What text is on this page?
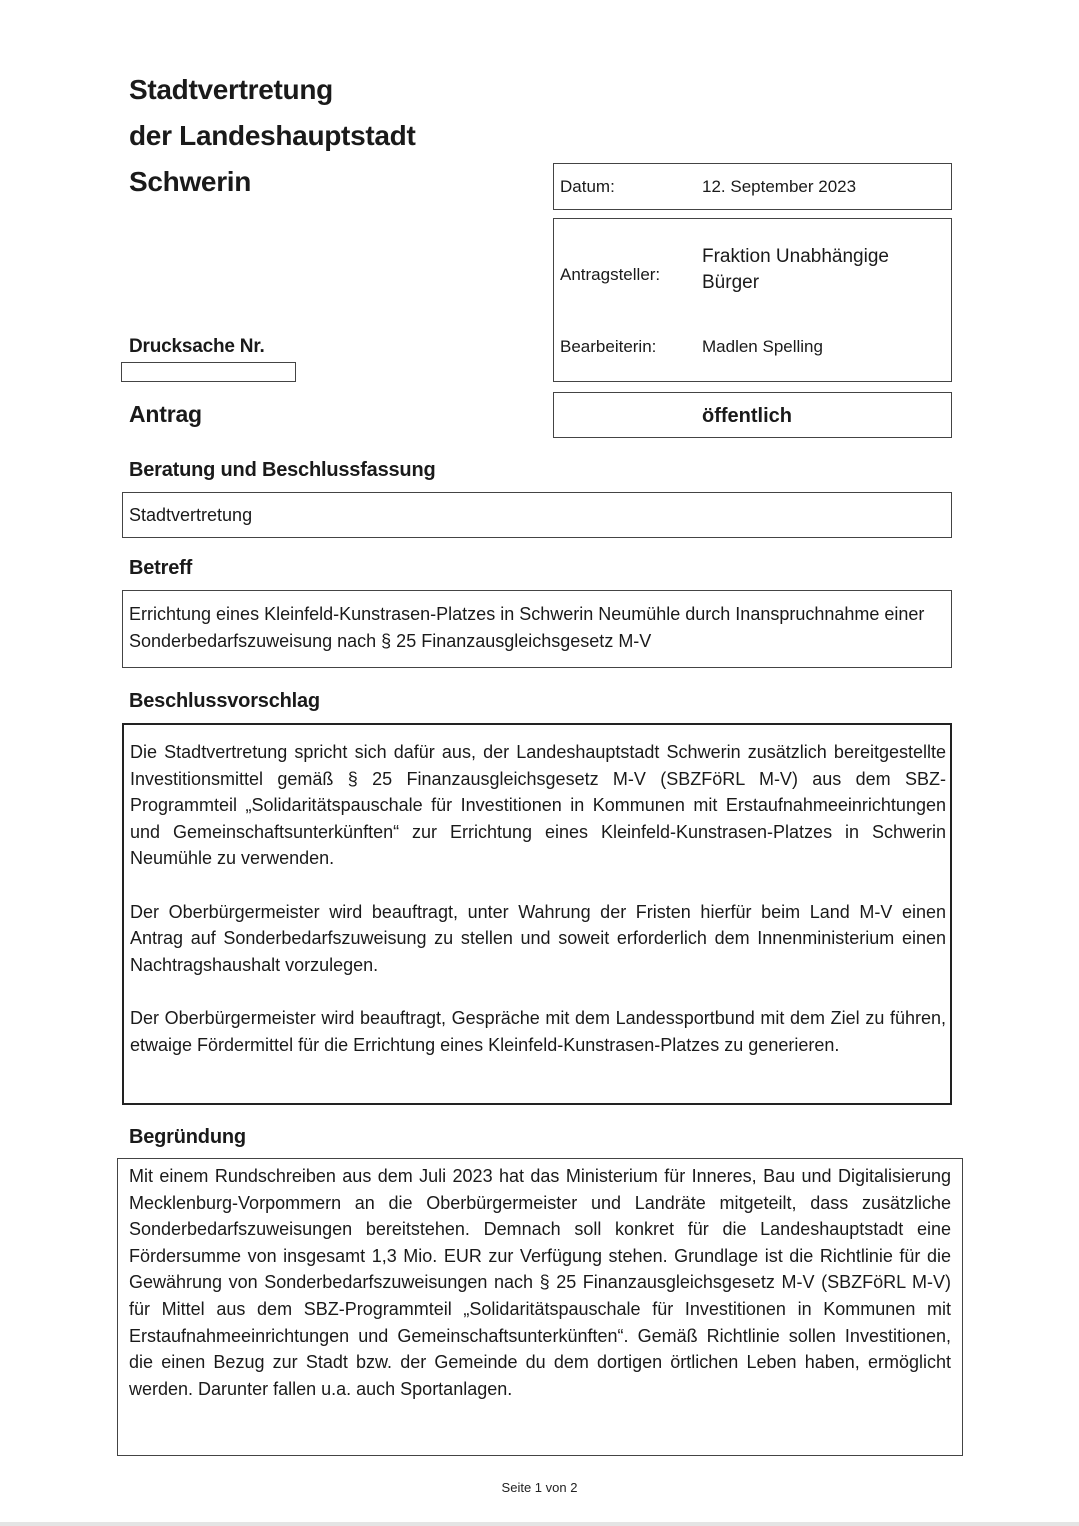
Stadtvertretung
der Landeshauptstadt
Schwerin	Datum:	12. September 2023
Antragsteller:
Fraktion Unabhängige
Bürger
Bearbeiterin:	Madlen Spelling
öffentlich
Drucksache Nr.
Antrag
Beratung und Beschlussfassung
Stadtvertretung
Betreff
Errichtung eines Kleinfeld-Kunstrasen-Platzes in Schwerin Neumühle durch Inanspruchnahme einer Sonderbedarfszuweisung nach § 25 Finanzausgleichsgesetz M-V
Beschlussvorschlag

Die Stadtvertretung spricht sich dafür aus, der Landeshauptstadt Schwerin zusätzlich bereitgestellte Investitionsmittel gemäß § 25 Finanzausgleichsgesetz M-V (SBZFöRL M-V) aus dem SBZ-Programmteil „Solidaritätspauschale für Investitionen in Kommunen mit Erstaufnahmeeinrichtungen und Gemeinschaftsunterkünften“ zur Errichtung eines Kleinfeld-Kunstrasen-Platzes in Schwerin Neumühle zu verwenden.

Der Oberbürgermeister wird beauftragt, unter Wahrung der Fristen hierfür beim Land M-V einen Antrag auf Sonderbedarfszuweisung zu stellen und soweit erforderlich dem Innenministerium einen Nachtragshaushalt vorzulegen.

Der Oberbürgermeister wird beauftragt, Gespräche mit dem Landessportbund mit dem Ziel zu führen, etwaige Fördermittel für die Errichtung eines Kleinfeld-Kunstrasen-Platzes zu generieren.

Begründung
Mit einem Rundschreiben aus dem Juli 2023 hat das Ministerium für Inneres, Bau und Digitalisierung Mecklenburg-Vorpommern an die Oberbürgermeister und Landräte mitgeteilt, dass zusätzliche Sonderbedarfszuweisungen bereitstehen. Demnach soll konkret für die Landeshauptstadt eine Fördersumme von insgesamt 1,3 Mio. EUR zur Verfügung stehen. Grundlage ist die Richtlinie für die Gewährung von Sonderbedarfszuweisungen nach § 25 Finanzausgleichsgesetz M-V (SBZFöRL M-V) für Mittel aus dem SBZ-Programmteil „Solidaritätspauschale für Investitionen in Kommunen mit Erstaufnahmeeinrichtungen und Gemeinschaftsunterkünften“. Gemäß Richtlinie sollen Investitionen, die einen Bezug zur Stadt bzw. der Gemeinde du dem dortigen örtlichen Leben haben, ermöglicht werden. Darunter fallen u.a. auch Sportanlagen.
Seite 1 von 2
